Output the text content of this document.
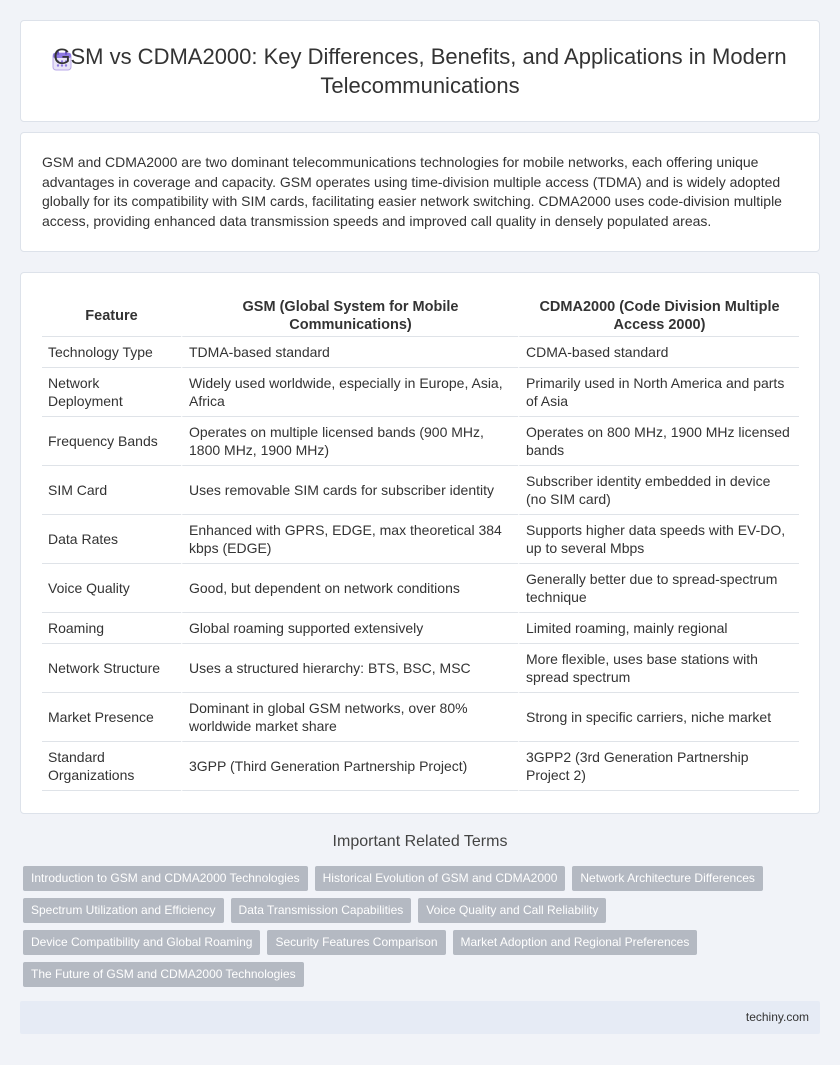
GSM vs CDMA2000: Key Differences, Benefits, and Applications in Modern Telecommunications

GSM and CDMA2000 are two dominant telecommunications technologies for mobile networks, each offering unique advantages in coverage and capacity. GSM operates using time-division multiple access (TDMA) and is widely adopted globally for its compatibility with SIM cards, facilitating easier network switching. CDMA2000 uses code-division multiple access, providing enhanced data transmission speeds and improved call quality in densely populated areas.

Feature	GSM (Global System for Mobile Communications)	CDMA2000 (Code Division Multiple Access 2000)
Technology Type	TDMA-based standard	CDMA-based standard
Network Deployment	Widely used worldwide, especially in Europe, Asia, Africa	Primarily used in North America and parts of Asia
Frequency Bands	Operates on multiple licensed bands (900 MHz, 1800 MHz, 1900 MHz)	Operates on 800 MHz, 1900 MHz licensed bands
SIM Card	Uses removable SIM cards for subscriber identity	Subscriber identity embedded in device (no SIM card)
Data Rates	Enhanced with GPRS, EDGE, max theoretical 384 kbps (EDGE)	Supports higher data speeds with EV-DO, up to several Mbps
Voice Quality	Good, but dependent on network conditions	Generally better due to spread-spectrum technique
Roaming	Global roaming supported extensively	Limited roaming, mainly regional
Network Structure	Uses a structured hierarchy: BTS, BSC, MSC	More flexible, uses base stations with spread spectrum
Market Presence	Dominant in global GSM networks, over 80% worldwide market share	Strong in specific carriers, niche market
Standard Organizations	3GPP (Third Generation Partnership Project)	3GPP2 (3rd Generation Partnership Project 2)
Important Related Terms
Introduction to GSM and CDMA2000 Technologies	Historical Evolution of GSM and CDMA2000	Network Architecture Differences
Spectrum Utilization and Efficiency	Data Transmission Capabilities	Voice Quality and Call Reliability
Device Compatibility and Global Roaming	Security Features Comparison	Market Adoption and Regional Preferences
The Future of GSM and CDMA2000 Technologies
techiny.com
